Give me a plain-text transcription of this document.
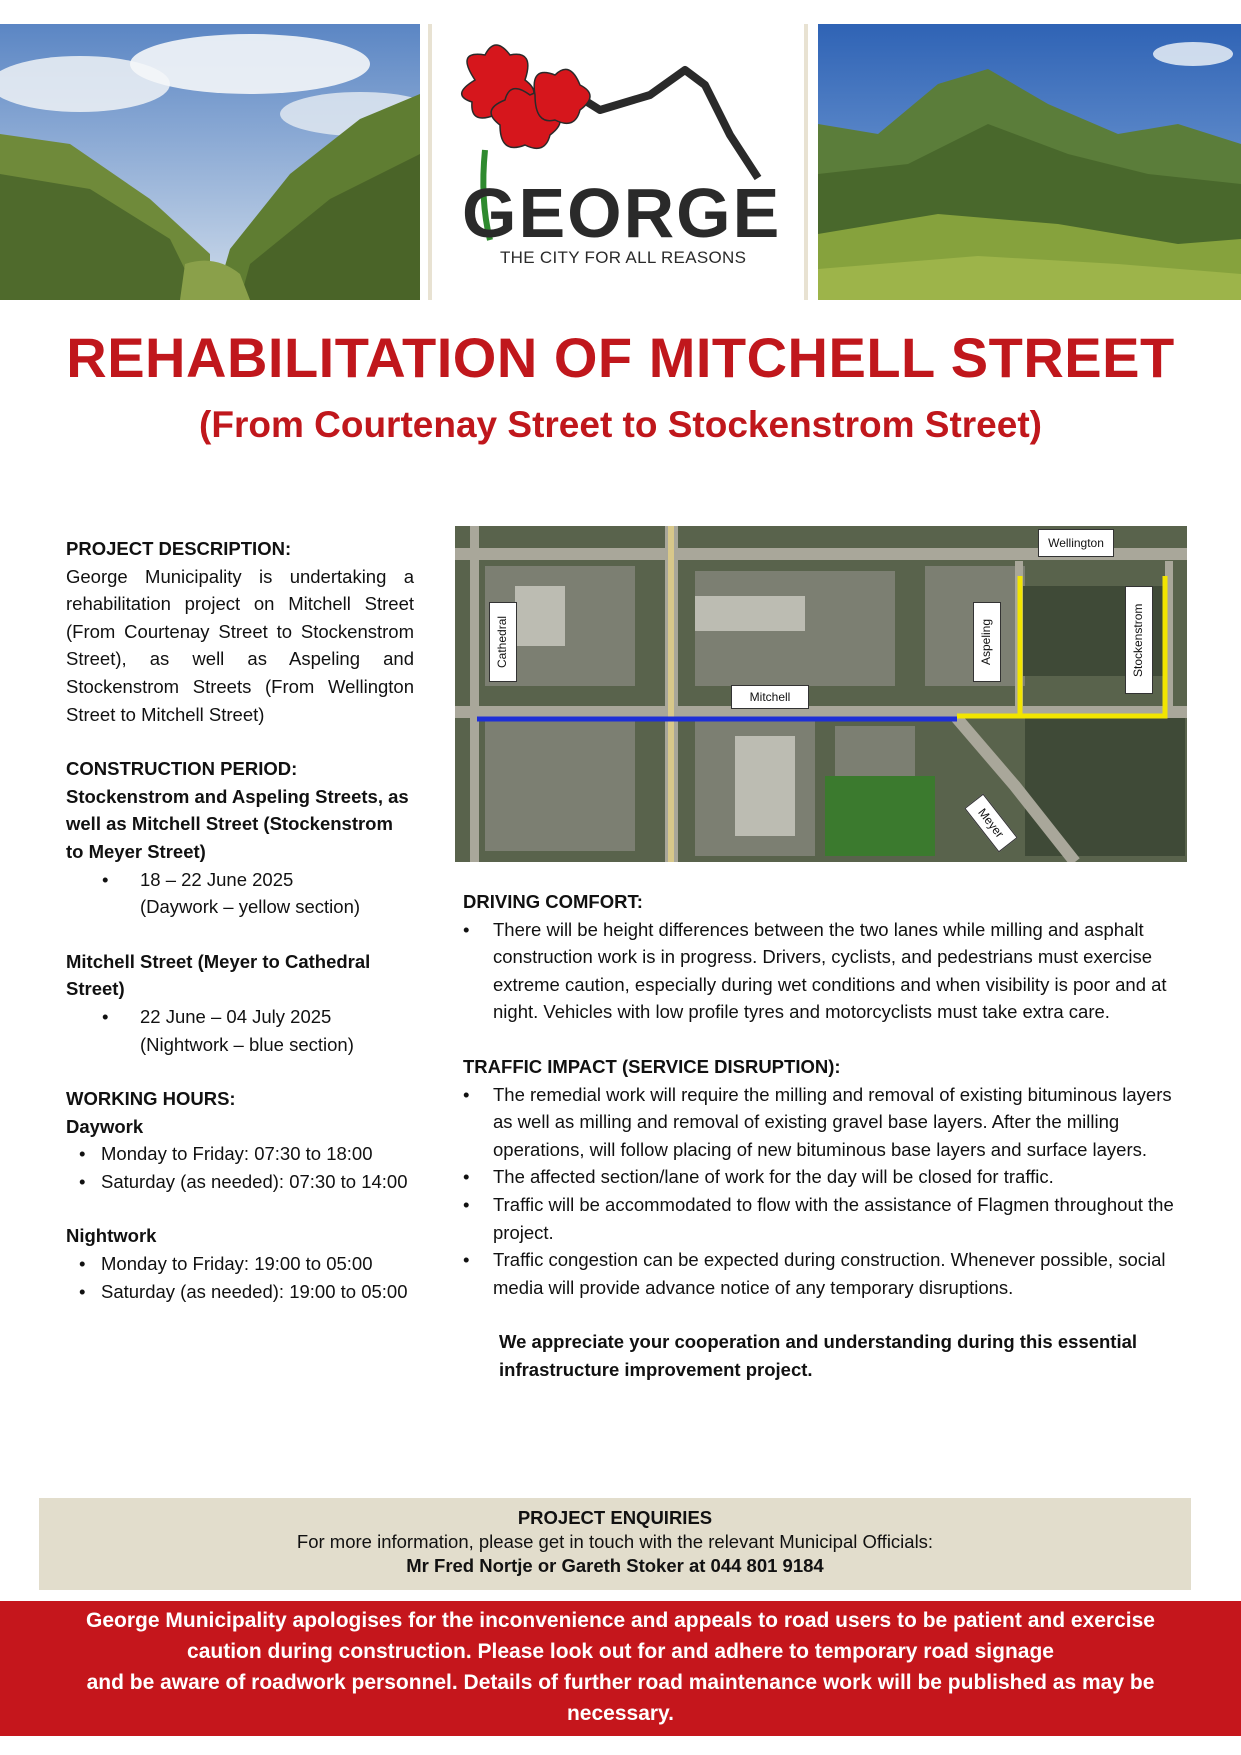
GEORGE
THE CITY FOR ALL REASONS
REHABILITATION OF MITCHELL STREET
(From Courtenay Street to Stockenstrom Street)
PROJECT DESCRIPTION:
George Municipality is undertaking a rehabilitation project on Mitchell Street (From Courtenay Street to Stockenstrom Street), as well as Aspeling and Stockenstrom Streets (From Wellington Street to Mitchell Street)
CONSTRUCTION PERIOD:
Stockenstrom and Aspeling Streets, as well as Mitchell Street (Stockenstrom to Meyer Street)
• 18 – 22 June 2025
(Daywork – yellow section)
Mitchell Street (Meyer to Cathedral Street)
• 22 June – 04 July 2025
(Nightwork – blue section)
WORKING HOURS:
Daywork
• Monday to Friday: 07:30 to 18:00
• Saturday (as needed): 07:30 to 14:00
Nightwork
• Monday to Friday: 19:00 to 05:00
• Saturday (as needed): 19:00 to 05:00
Wellington
Cathedral	Aspeling	Stockenstrom
Mitchell
Meyer
DRIVING COMFORT:
• There will be height differences between the two lanes while milling and asphalt construction work is in progress. Drivers, cyclists, and pedestrians must exercise extreme caution, especially during wet conditions and when visibility is poor and at night. Vehicles with low profile tyres and motorcyclists must take extra care.
TRAFFIC IMPACT (SERVICE DISRUPTION):
• The remedial work will require the milling and removal of existing bituminous layers as well as milling and removal of existing gravel base layers. After the milling operations, will follow placing of new bituminous base layers and surface layers.
• The affected section/lane of work for the day will be closed for traffic.
• Traffic will be accommodated to flow with the assistance of Flagmen throughout the project.
• Traffic congestion can be expected during construction. Whenever possible, social media will provide advance notice of any temporary disruptions.
We appreciate your cooperation and understanding during this essential infrastructure improvement project.
PROJECT ENQUIRIES
For more information, please get in touch with the relevant Municipal Officials:
Mr Fred Nortje or Gareth Stoker at 044 801 9184
George Municipality apologises for the inconvenience and appeals to road users to be patient and exercise
caution during construction. Please look out for and adhere to temporary road signage
and be aware of roadwork personnel. Details of further road maintenance work will be published as may be
necessary.
